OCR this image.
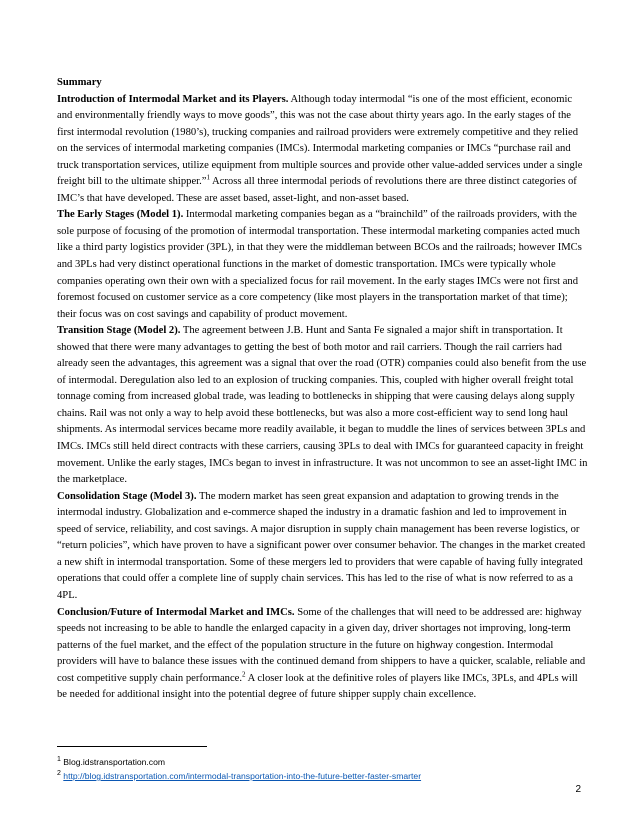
Summary

Introduction of Intermodal Market and its Players. Although today intermodal “is one of the most efficient, economic and environmentally friendly ways to move goods”, this was not the case about thirty years ago. In the early stages of the first intermodal revolution (1980’s), trucking companies and railroad providers were extremely competitive and they relied on the services of intermodal marketing companies (IMCs). Intermodal marketing companies or IMCs “purchase rail and truck transportation services, utilize equipment from multiple sources and provide other value-added services under a single freight bill to the ultimate shipper.”$^1$ Across all three intermodal periods of revolutions there are three distinct categories of IMC’s that have developed. These are asset based, asset-light, and non-asset based.

The Early Stages (Model 1). Intermodal marketing companies began as a “brainchild” of the railroads providers, with the sole purpose of focusing of the promotion of intermodal transportation. These intermodal marketing companies acted much like a third party logistics provider (3PL), in that they were the middleman between BCOs and the railroads; however IMCs and 3PLs had very distinct operational functions in the market of domestic transportation. IMCs were typically whole companies operating own their own with a specialized focus for rail movement. In the early stages IMCs were not first and foremost focused on customer service as a core competency (like most players in the transportation market of that time); their focus was on cost savings and capability of product movement.

Transition Stage (Model 2). The agreement between J.B. Hunt and Santa Fe signaled a major shift in transportation. It showed that there were many advantages to getting the best of both motor and rail carriers. Though the rail carriers had already seen the advantages, this agreement was a signal that over the road (OTR) companies could also benefit from the use of intermodal. Deregulation also led to an explosion of trucking companies. This, coupled with higher overall freight total tonnage coming from increased global trade, was leading to bottlenecks in shipping that were causing delays along supply chains. Rail was not only a way to help avoid these bottlenecks, but was also a more cost-efficient way to send long haul shipments. As intermodal services became more readily available, it began to muddle the lines of services between 3PLs and IMCs. IMCs still held direct contracts with these carriers, causing 3PLs to deal with IMCs for guaranteed capacity in freight movement. Unlike the early stages, IMCs began to invest in infrastructure. It was not uncommon to see an asset-light IMC in the marketplace.

Consolidation Stage (Model 3). The modern market has seen great expansion and adaptation to growing trends in the intermodal industry. Globalization and e-commerce shaped the industry in a dramatic fashion and led to improvement in speed of service, reliability, and cost savings. A major disruption in supply chain management has been reverse logistics, or “return policies”, which have proven to have a significant power over consumer behavior. The changes in the market created a new shift in intermodal transportation. Some of these mergers led to providers that were capable of having fully integrated operations that could offer a complete line of supply chain services. This has led to the rise of what is now referred to as a 4PL.

Conclusion/Future of Intermodal Market and IMCs. Some of the challenges that will need to be addressed are: highway speeds not increasing to be able to handle the enlarged capacity in a given day, driver shortages not improving, long-term patterns of the fuel market, and the effect of the population structure in the future on highway congestion. Intermodal providers will have to balance these issues with the continued demand from shippers to have a quicker, scalable, reliable and cost competitive supply chain performance.$^2$ A closer look at the definitive roles of players like IMCs, 3PLs, and 4PLs will be needed for additional insight into the potential degree of future shipper supply chain excellence.

$^1$ Blog.idstransportation.com
$^2$ http://blog.idstransportation.com/intermodal-transportation-into-the-future-better-faster-smarter
2
